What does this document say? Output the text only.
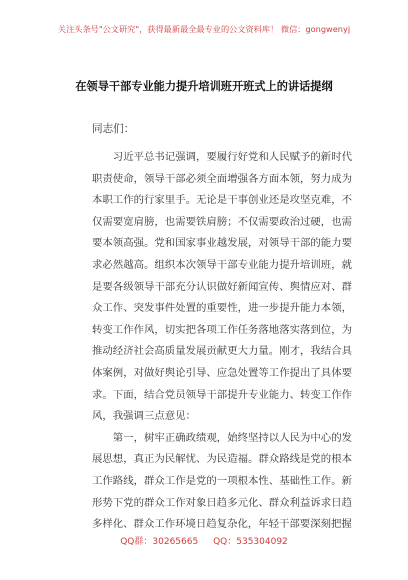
关注头条号"公文研究"，获得最新最全最专业的公文资料库！ 微信：gongwenyj
在领导干部专业能力提升培训班开班式上的讲话提纲
同志们：

习近平总书记强调，要履行好党和人民赋予的新时代职责使命，领导干部必须全面增强各方面本领，努力成为本职工作的行家里手。无论是干事创业还是攻坚克难，不仅需要宽肩膀，也需要铁肩膀；不仅需要政治过硬，也需要本领高强。党和国家事业越发展，对领导干部的能力要求必然越高。组织本次领导干部专业能力提升培训班，就是要各级领导干部充分认识做好新闻宣传、舆情应对、群众工作、突发事件处置的重要性，进一步提升能力本领，转变工作作风，切实把各项工作任务落地落实落到位，为推动经济社会高质量发展贡献更大力量。刚才，我结合具体案例，对做好舆论引导、应急处置等工作提出了具体要求。下面，结合党员领导干部提升专业能力、转变工作作风，我强调三点意见：

第一，树牢正确政绩观，始终坚持以人民为中心的发展思想，真正为民解忧、为民造福。群众路线是党的根本工作路线，群众工作是党的一项根本性、基础性工作。新形势下党的群众工作对象日趋多元化、群众利益诉求日趋多样化、群众工作环境日趋复杂化，年轻干部要深刻把握

QQ群：30265665 QQ：535304092
